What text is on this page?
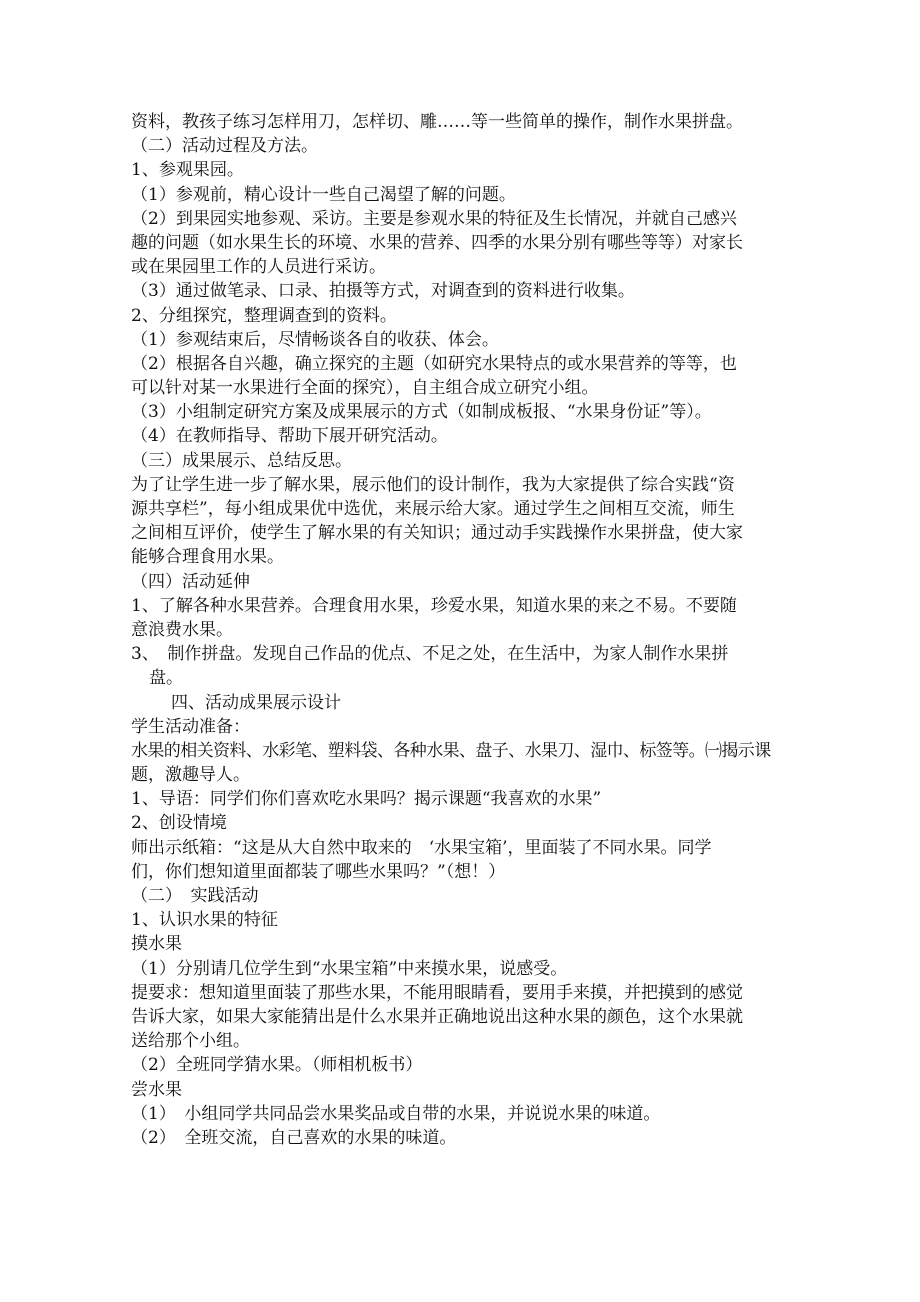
资料，教孩子练习怎样用刀，怎样切、雕……等一些简单的操作，制作水果拼盘。
（二）活动过程及方法。
1、参观果园。
（1）参观前，精心设计一些自己渴望了解的问题。
（2）到果园实地参观、采访。主要是参观水果的特征及生长情况，并就自己感兴
趣的问题（如水果生长的环境、水果的营养、四季的水果分别有哪些等等）对家长
或在果园里工作的人员进行采访。
（3）通过做笔录、口录、拍摄等方式，对调查到的资料进行收集。
2、分组探究，整理调查到的资料。
（1）参观结束后，尽情畅谈各自的收获、体会。
（2）根据各自兴趣，确立探究的主题（如研究水果特点的或水果营养的等等，也
可以针对某一水果进行全面的探究），自主组合成立研究小组。
（3）小组制定研究方案及成果展示的方式（如制成板报、“水果身份证”等）。
（4）在教师指导、帮助下展开研究活动。
（三）成果展示、总结反思。
为了让学生进一步了解水果，展示他们的设计制作，我为大家提供了综合实践“资
源共享栏”，每小组成果优中选优，来展示给大家。通过学生之间相互交流，师生
之间相互评价，使学生了解水果的有关知识；通过动手实践操作水果拼盘，使大家
能够合理食用水果。
（四）活动延伸
1、了解各种水果营养。合理食用水果，珍爱水果，知道水果的来之不易。不要随
意浪费水果。
3、　制作拼盘。发现自己作品的优点、不足之处，在生活中，为家人制作水果拼
盘。
四、活动成果展示设计
学生活动准备：
水果的相关资料、水彩笔、塑料袋、各种水果、盘子、水果刀、湿巾、标签等。㈠揭示课
题，激趣导人。
1、导语：同学们你们喜欢吃水果吗？揭示课题“我喜欢的水果”
2、创设情境
师出示纸箱：“这是从大自然中取来的　‘水果宝箱’，里面装了不同水果。同学
们，你们想知道里面都装了哪些水果吗？”（想！）
（二）　实践活动
1、认识水果的特征
摸水果
（1）分别请几位学生到“水果宝箱”中来摸水果，说感受。
提要求：想知道里面装了那些水果，不能用眼睛看，要用手来摸，并把摸到的感觉
告诉大家，如果大家能猜出是什么水果并正确地说出这种水果的颜色，这个水果就
送给那个小组。
（2）全班同学猜水果。（师相机板书）
尝水果
（1）　小组同学共同品尝水果奖品或自带的水果，并说说水果的味道。
（2）　全班交流，自己喜欢的水果的味道。
